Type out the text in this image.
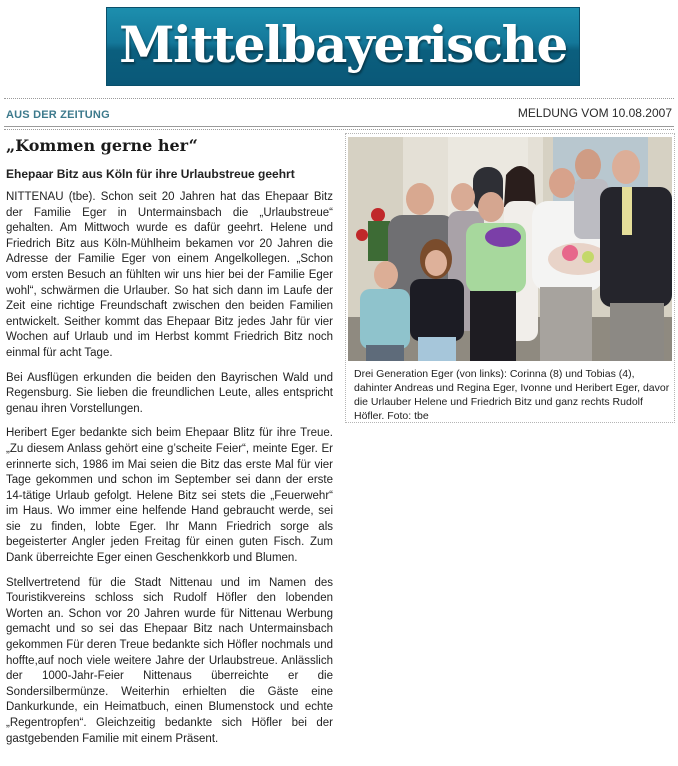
Mittelbayerische
AUS DER ZEITUNG	MELDUNG VOM 10.08.2007
„Kommen gerne her“
Ehepaar Bitz aus Köln für ihre Urlaubstreue geehrt

NITTENAU (tbe). Schon seit 20 Jahren hat das Ehepaar Bitz der Familie Eger in Untermainsbach die „Urlaubstreue“ gehalten. Am Mittwoch wurde es dafür geehrt. Helene und Friedrich Bitz aus Köln-Mühlheim bekamen vor 20 Jahren die Adresse der Familie Eger von einem Angelkollegen. „Schon vom ersten Besuch an fühlten wir uns hier bei der Familie Eger wohl“, schwärmen die Urlauber. So hat sich dann im Laufe der Zeit eine richtige Freundschaft zwischen den beiden Familien entwickelt. Seither kommt das Ehepaar Bitz jedes Jahr für vier Wochen auf Urlaub und im Herbst kommt Friedrich Bitz noch einmal für acht Tage.

Bei Ausflügen erkunden die beiden den Bayrischen Wald und Regensburg. Sie lieben die freundlichen Leute, alles entspricht genau ihren Vorstellungen.

Heribert Eger bedankte sich beim Ehepaar Blitz für ihre Treue. „Zu diesem Anlass gehört eine g’scheite Feier“, meinte Eger. Er erinnerte sich, 1986 im Mai seien die Bitz das erste Mal für vier Tage gekommen und schon im September sei dann der erste 14-tätige Urlaub gefolgt. Helene Bitz sei stets die „Feuerwehr“ im Haus. Wo immer eine helfende Hand gebraucht werde, sei sie zu finden, lobte Eger. Ihr Mann Friedrich sorge als begeisterter Angler jeden Freitag für einen guten Fisch. Zum Dank überreichte Eger einen Geschenkkorb und Blumen.

Stellvertretend für die Stadt Nittenau und im Namen des Touristikvereins schloss sich Rudolf Höfler den lobenden Worten an. Schon vor 20 Jahren wurde für Nittenau Werbung gemacht und so sei das Ehepaar Bitz nach Untermainsbach gekommen Für deren Treue bedankte sich Höfler nochmals und hoffte,auf noch viele weitere Jahre der Urlaubstreue. Anlässlich der 1000-Jahr-Feier Nittenaus überreichte er die Sondersilbermünze. Weiterhin erhielten die Gäste eine Dankurkunde, ein Heimatbuch, einen Blumenstock und echte „Regentropfen“. Gleichzeitig bedankte sich Höfler bei der gastgebenden Familie mit einem Präsent.

Drei Generation Eger (von links): Corinna (8) und Tobias (4), dahinter Andreas und Regina Eger, Ivonne und Heribert Eger, davor die Urlauber Helene und Friedrich Bitz und ganz rechts Rudolf Höfler. Foto: tbe
